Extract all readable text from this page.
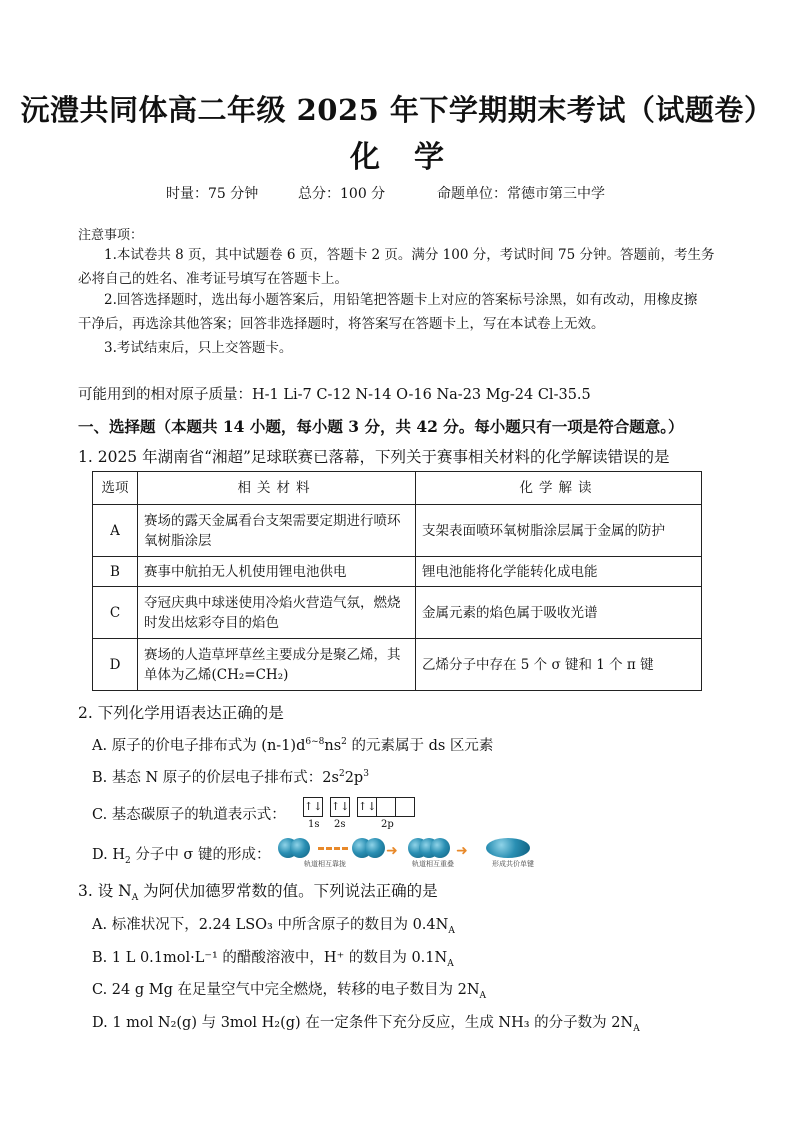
沅澧共同体高二年级 2025 年下学期期末考试（试题卷）
化学
时量：75 分钟	总分：100 分	命题单位：常德市第三中学
注意事项：
1.本试卷共 8 页，其中试题卷 6 页，答题卡 2 页。满分 100 分，考试时间 75 分钟。答题前，考生务
必将自己的姓名、准考证号填写在答题卡上。
2.回答选择题时，选出每小题答案后，用铅笔把答题卡上对应的答案标号涂黑，如有改动，用橡皮擦
干净后，再选涂其他答案；回答非选择题时，将答案写在答题卡上，写在本试卷上无效。
3.考试结束后，只上交答题卡。
可能用到的相对原子质量：H-1 Li-7 C-12 N-14 O-16 Na-23 Mg-24 Cl-35.5
一、选择题（本题共 14 小题，每小题 3 分，共 42 分。每小题只有一项是符合题意。）
1. 2025 年湖南省“湘超”足球联赛已落幕，下列关于赛事相关材料的化学解读错误的是
选项	相关材料	化学解读
A	赛场的露天金属看台支架需要定期进行喷环氧树脂涂层	支架表面喷环氧树脂涂层属于金属的防护
B	赛事中航拍无人机使用锂电池供电	锂电池能将化学能转化成电能
C	夺冠庆典中球迷使用冷焰火营造气氛，燃烧时发出炫彩夺目的焰色	金属元素的焰色属于吸收光谱
D	赛场的人造草坪草丝主要成分是聚乙烯，其单体为乙烯(CH₂=CH₂)	乙烯分子中存在 5 个 σ 键和 1 个 π 键
2. 下列化学用语表达正确的是
A. 原子的价电子排布式为 $(n-1)d^{6\sim 8}ns^2$ 的元素属于 ds 区元素
B. 基态 N 原子的价层电子排布式：$2s^22p^3$
C. 基态碳原子的轨道表示式：
↑↓ ↑↓ ↑↓
1s 2s	2p
D. $H_2$ 分子中 σ 键的形成：	➜	➜
轨道相互靠拢	轨道相互重叠	形成共价单键
3. 设 $N_A$ 为阿伏加德罗常数的值。下列说法正确的是
A. 标准状况下，2.24 LSO₃ 中所含原子的数目为 $0.4N_A$
B. 1 L 0.1mol·L⁻¹ 的醋酸溶液中，H⁺ 的数目为 $0.1N_A$
C. 24 g Mg 在足量空气中完全燃烧，转移的电子数目为 $2N_A$
D. 1 mol N₂(g) 与 3mol H₂(g) 在一定条件下充分反应，生成 NH₃ 的分子数为 $2N_A$
